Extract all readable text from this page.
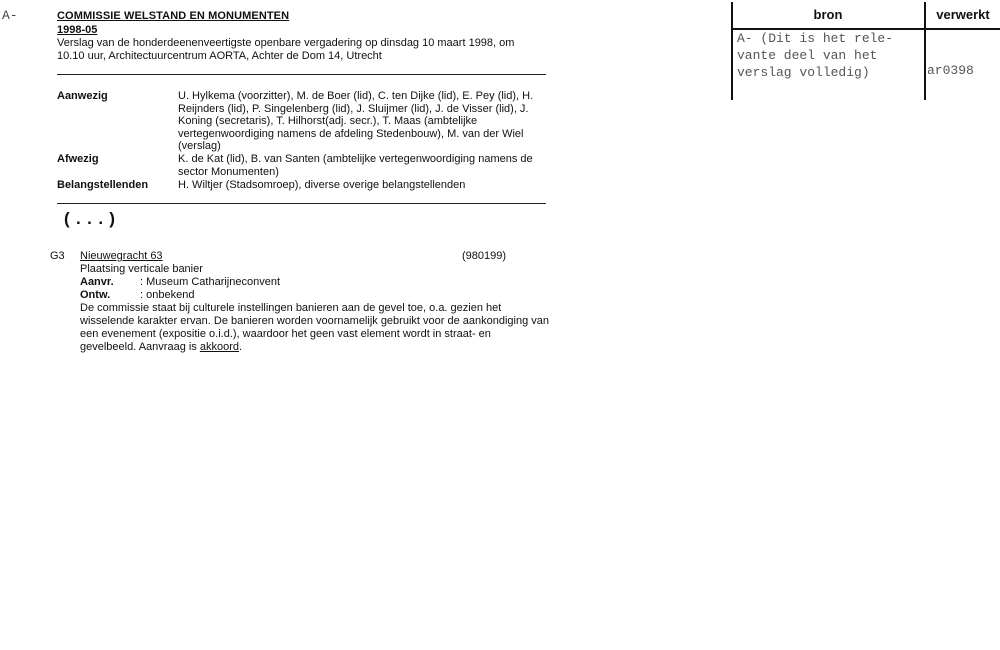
A-	COMMISSIE WELSTAND EN MONUMENTEN
1998-05
Verslag van de honderdeenenveertigste openbare vergadering op dinsdag 10 maart 1998, om 10.10 uur, Architectuurcentrum AORTA, Achter de Dom 14, Utrecht
Aanwezig	U. Hylkema (voorzitter), M. de Boer (lid), C. ten Dijke (lid), E. Pey (lid), H. Reijnders (lid), P. Singelenberg (lid), J. Sluijmer (lid), J. de Visser (lid), J. Koning (secretaris), T. Hilhorst(adj. secr.), T. Maas (ambtelijke vertegenwoordiging namens de afdeling Stedenbouw), M. van der Wiel (verslag)
Afwezig	K. de Kat (lid), B. van Santen (ambtelijke vertegenwoordiging namens de sector Monumenten)
Belangstellenden	H. Wiltjer (Stadsomroep), diverse overige belangstellenden
(...)
G3 Nieuwegracht 63	(980199)
Plaatsing verticale banier
Aanvr. : Museum Catharijneconvent
Ontw.	: onbekend
De commissie staat bij culturele instellingen banieren aan de gevel toe, o.a. gezien het wisselende karakter ervan. De banieren worden voornamelijk gebruikt voor de aankondiging van een evenement (expositie o.i.d.), waardoor het geen vast element wordt in straat- en gevelbeeld. Aanvraag is akkoord.
bron	verwerkt
A- (Dit is het rele-
vante deel van het
verslag volledig)	ar0398
